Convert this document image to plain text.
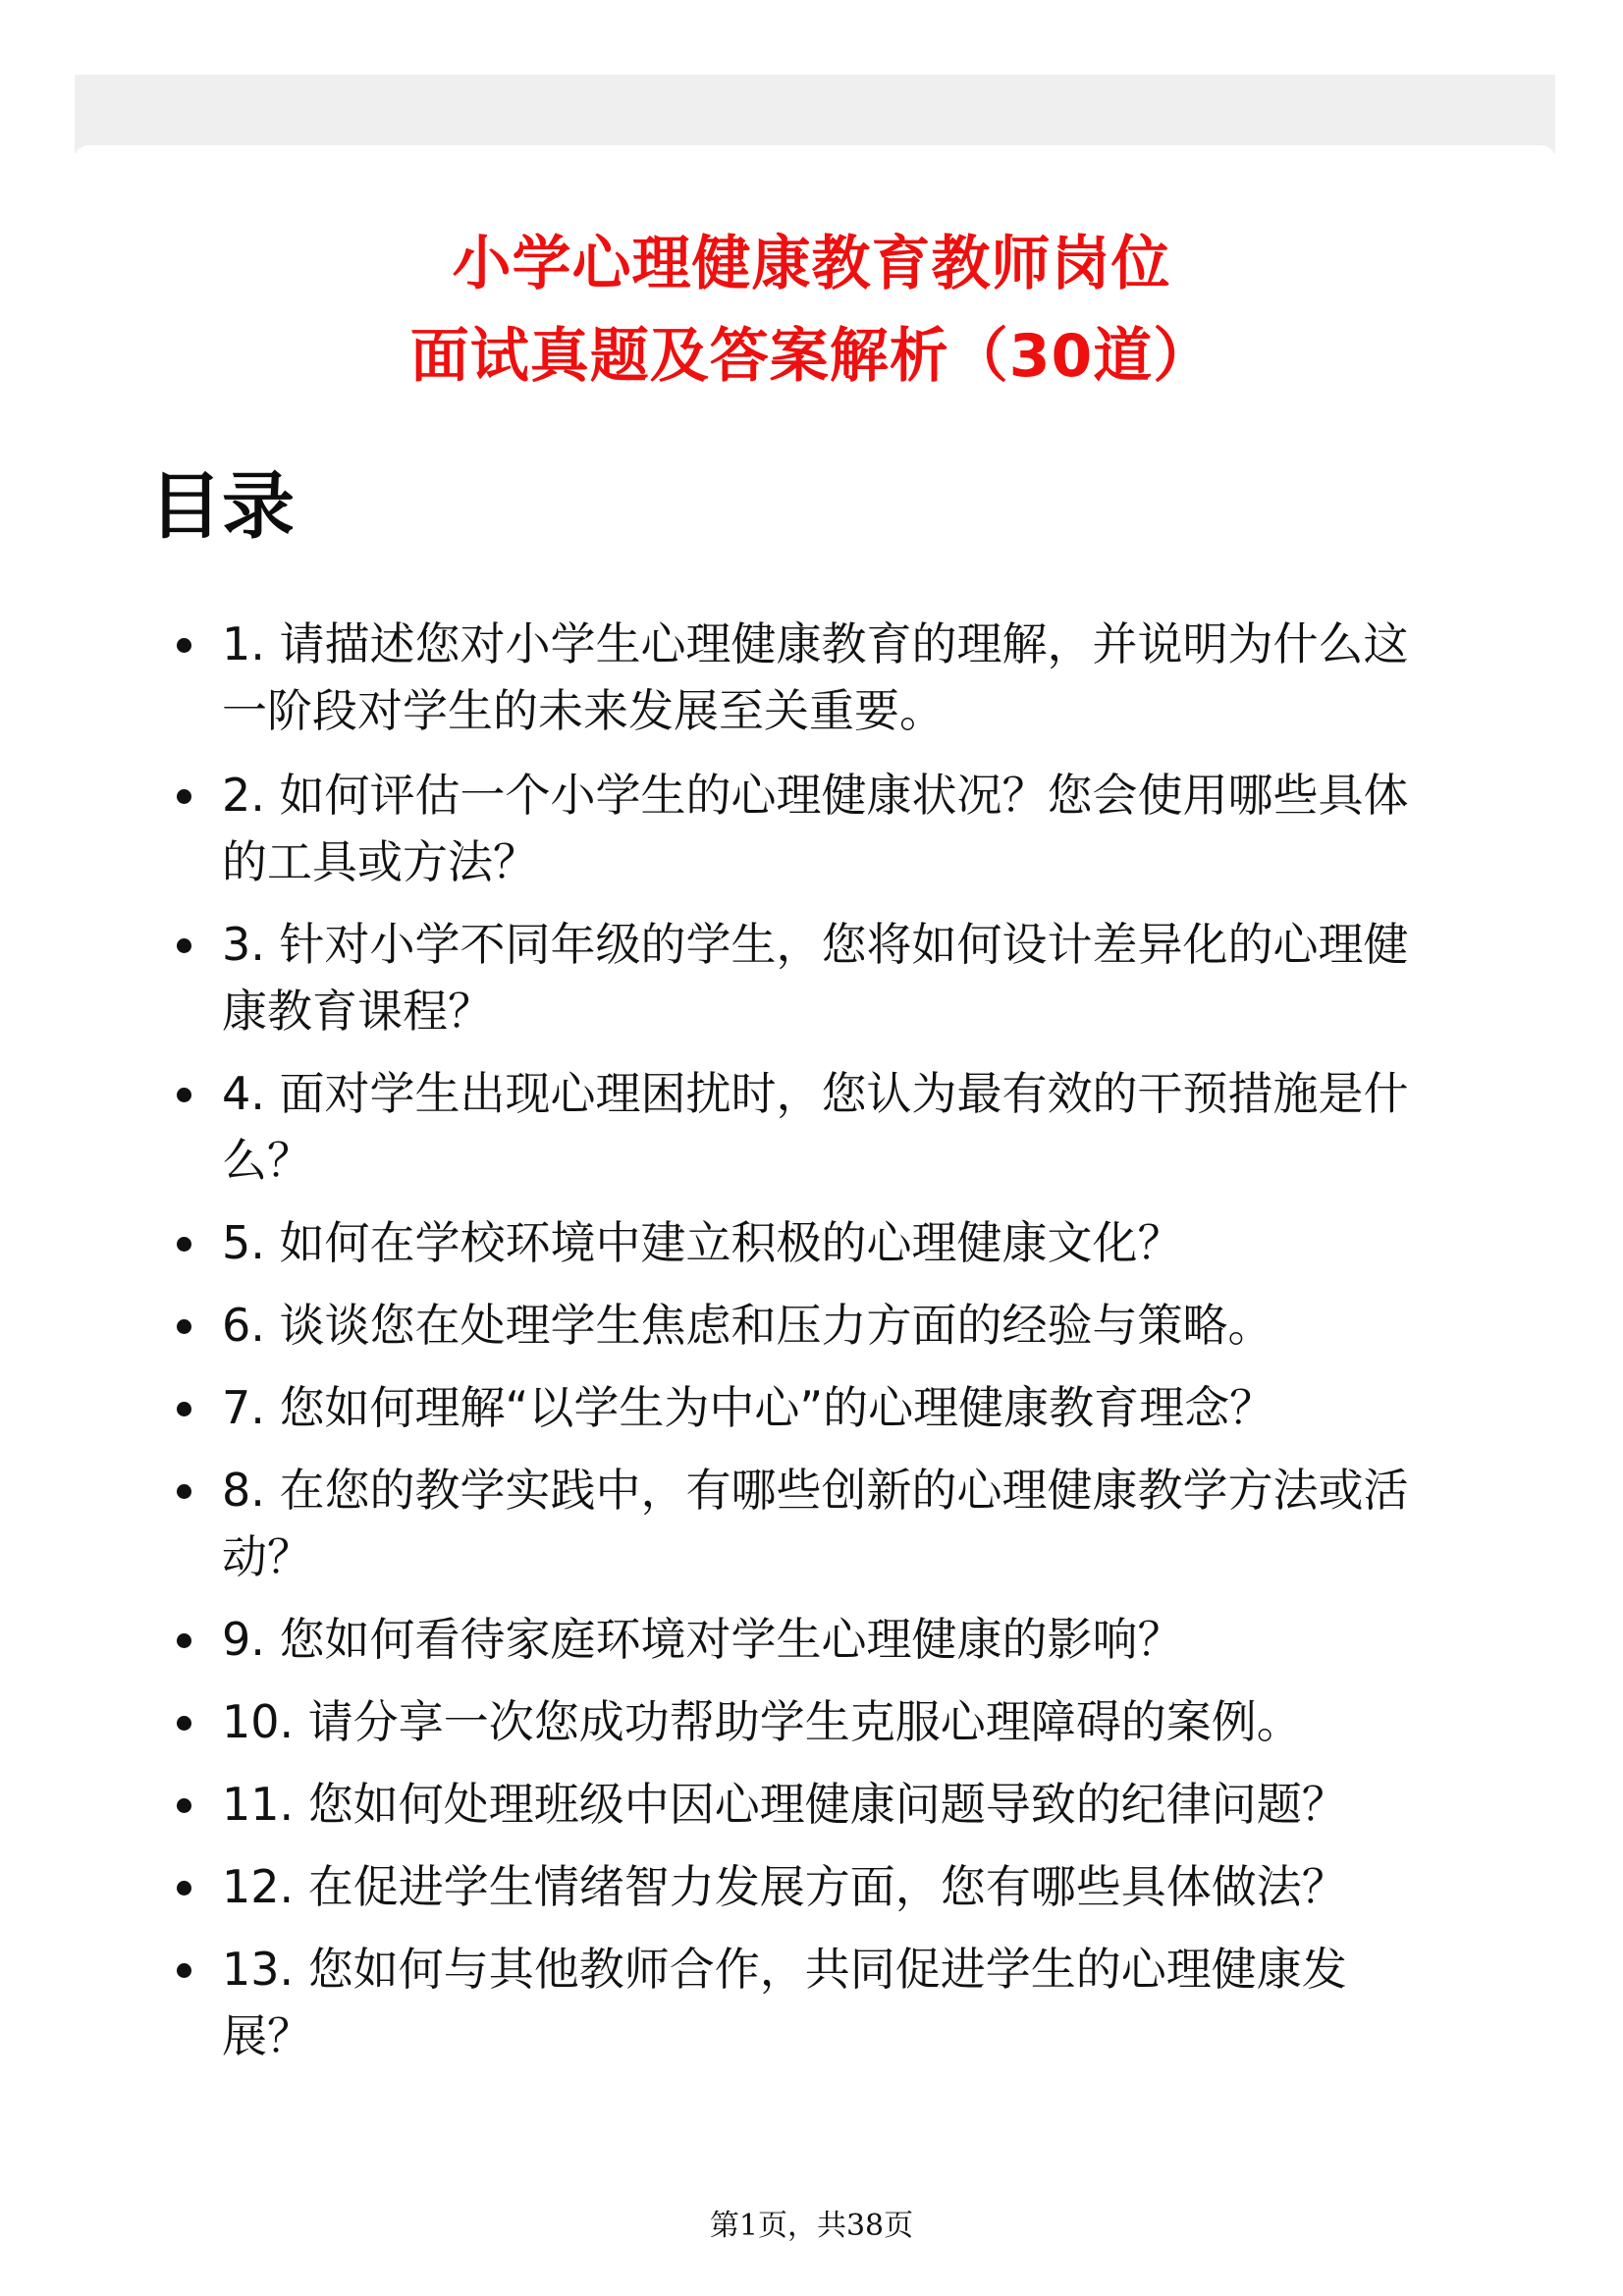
小学心理健康教育教师岗位
面试真题及答案解析（30道）
目录
1. 请描述您对小学生心理健康教育的理解，并说明为什么这一阶段对学生的未来发展至关重要。
2. 如何评估一个小学生的心理健康状况？您会使用哪些具体的工具或方法？
3. 针对小学不同年级的学生，您将如何设计差异化的心理健康教育课程？
4. 面对学生出现心理困扰时，您认为最有效的干预措施是什么？
5. 如何在学校环境中建立积极的心理健康文化？
6. 谈谈您在处理学生焦虑和压力方面的经验与策略。
7. 您如何理解“以学生为中心”的心理健康教育理念？
8. 在您的教学实践中，有哪些创新的心理健康教学方法或活动？
9. 您如何看待家庭环境对学生心理健康的影响？
10. 请分享一次您成功帮助学生克服心理障碍的案例。
11. 您如何处理班级中因心理健康问题导致的纪律问题？
12. 在促进学生情绪智力发展方面，您有哪些具体做法？
13. 您如何与其他教师合作，共同促进学生的心理健康发展？

第1页，共38页
